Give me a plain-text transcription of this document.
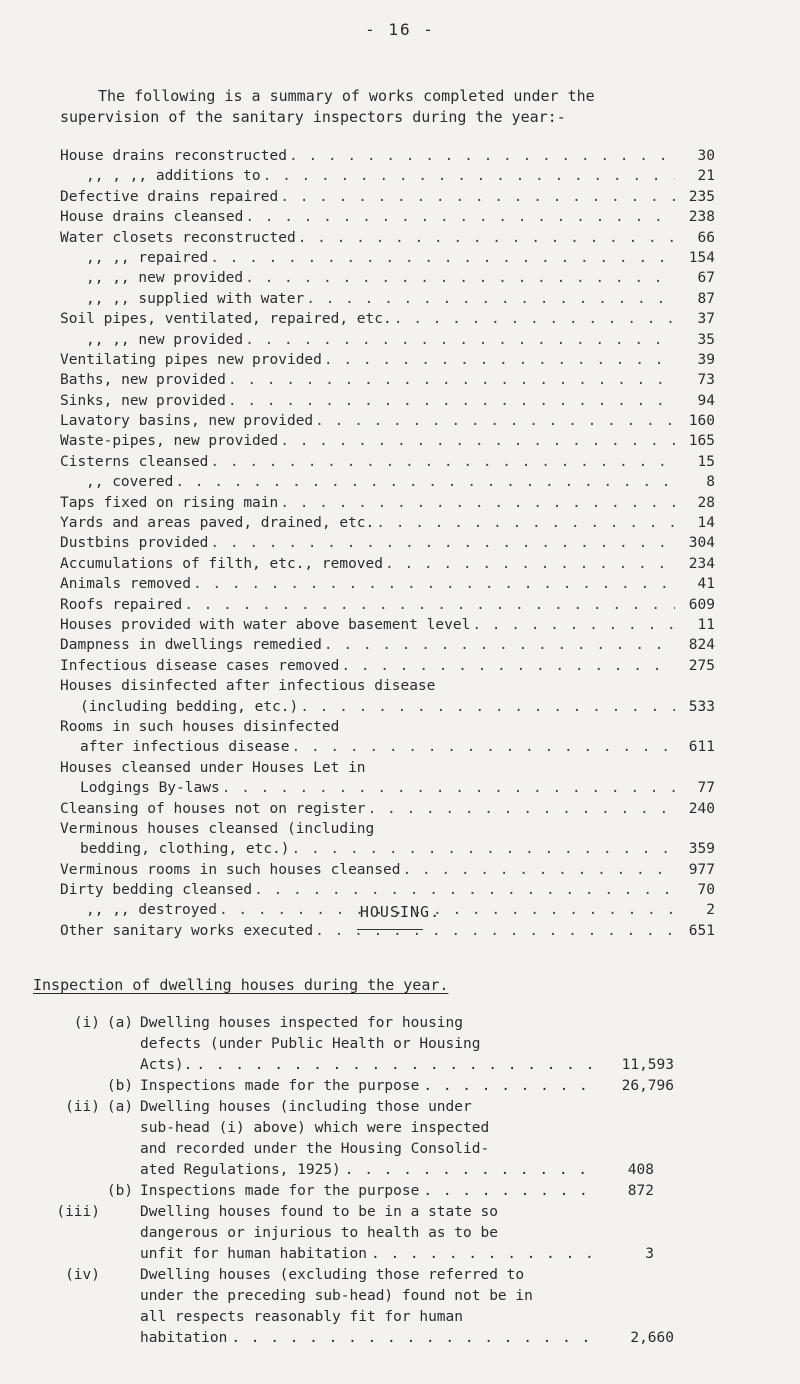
- 16 -
The following is a summary of works completed under the
supervision of the sanitary inspectors during the year:-
House drains reconstructed . . .	30
,, , ,, additions to . . .	21
Defective drains repaired . . .	235
House drains cleansed . . .	238
Water closets reconstructed . . .	66
,, ,, repaired . . .	154
,, ,, new provided . . .	67
,, ,, supplied with water . . .	87
Soil pipes, ventilated, repaired, etc. . . .	37
,, ,, new provided . . .	35
Ventilating pipes new provided . . .	39
Baths, new provided . . .	73
Sinks, new provided . . .	94
Lavatory basins, new provided . . .	160
Waste-pipes, new provided . . .	165
Cisterns cleansed . . .	15
,, covered . . .	8
Taps fixed on rising main . . .	28
Yards and areas paved, drained, etc. . . .	14
Dustbins provided . . .	304
Accumulations of filth, etc., removed . . .	234
Animals removed . . .	41
Roofs repaired . . .	609
Houses provided with water above basement level . . .	11
Dampness in dwellings remedied . . .	824
Infectious disease cases removed . . .	275
Houses disinfected after infectious disease
(including bedding, etc.) . . .	533
Rooms in such houses disinfected
after infectious disease . . .	611
Houses cleansed under Houses Let in
Lodgings By-laws . . .	77
Cleansing of houses not on register . . .	240
Verminous houses cleansed (including
bedding, clothing, etc.) . . .	359
Verminous rooms in such houses cleansed . . .	977
Dirty bedding cleansed . . .	70
,, ,, destroyed . . .	2
Other sanitary works executed . . .	651
HOUSING.
Inspection of dwelling houses during the year.
(i) (a) Dwelling houses inspected for housing
defects (under Public Health or Housing
Acts). . . .	11,593
(b) Inspections made for the purpose . . .	26,796
(ii) (a) Dwelling houses (including those under
sub-head (i) above) which were inspected
and recorded under the Housing Consolid-
ated Regulations, 1925) . . .	408
(b) Inspections made for the purpose . . .	872
(iii)	Dwelling houses found to be in a state so
dangerous or injurious to health as to be
unfit for human habitation . . .	3
(iv)	Dwelling houses (excluding those referred to
under the preceding sub-head) found not be in
all respects reasonably fit for human
habitation . . .	2,660
